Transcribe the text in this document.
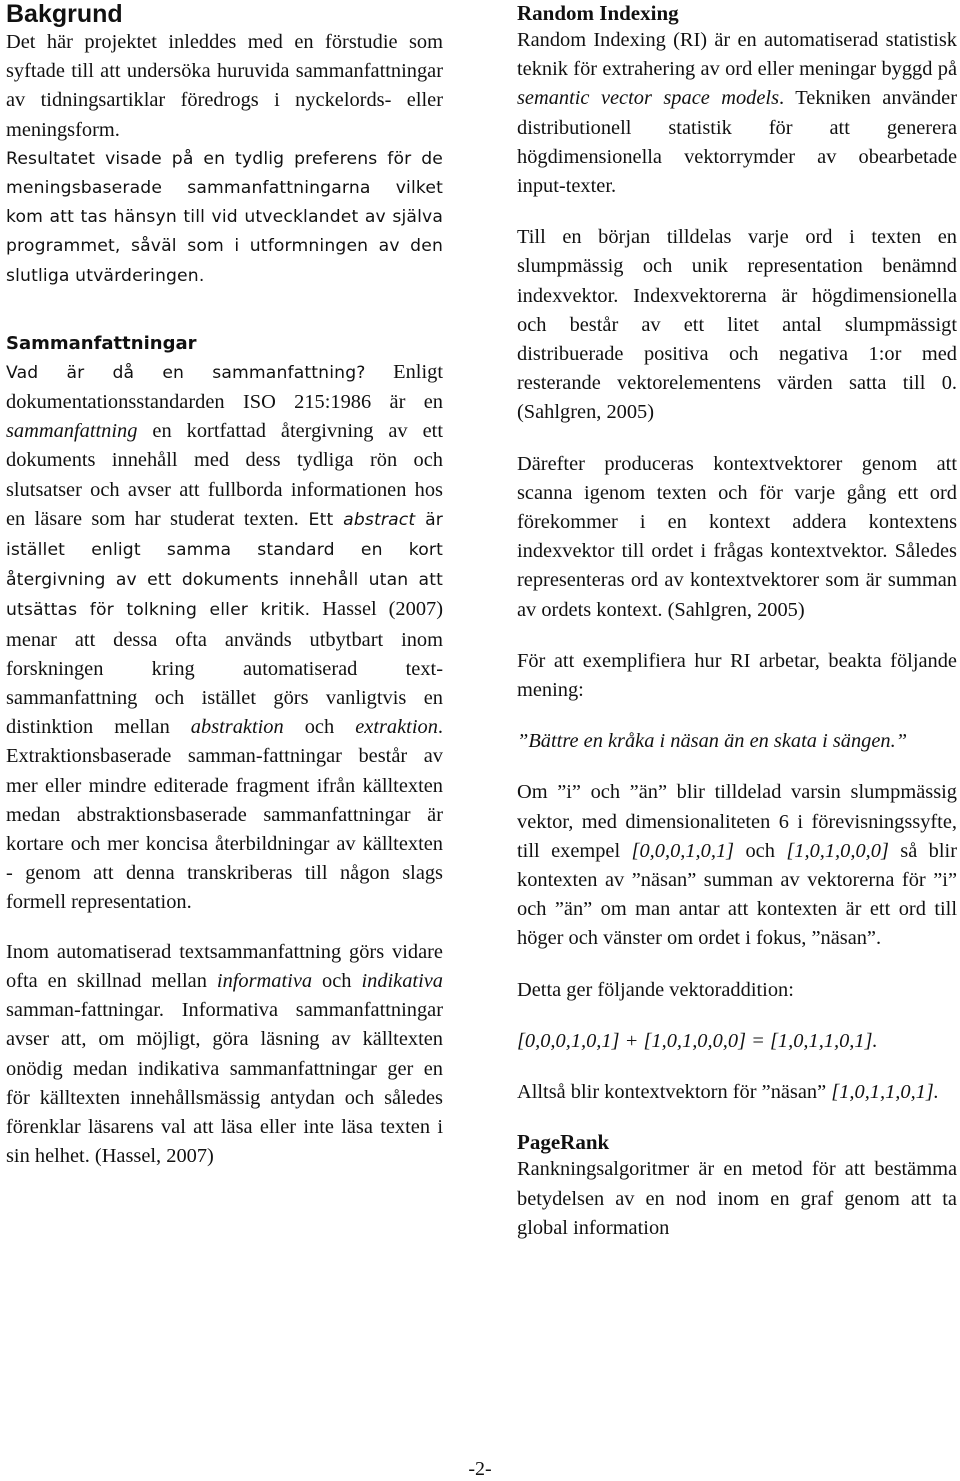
Bakgrund

Det här projektet inleddes med en förstudie som syftade till att undersöka huruvida sammanfattningar av tidningsartiklar föredrogs i nyckelords- eller meningsform.

Resultatet visade på en tydlig preferens för de meningsbaserade sammanfattningarna vilket kom att tas hänsyn till vid utvecklandet av själva programmet, såväl som i utformningen av den slutliga utvärderingen.

Sammanfattningar

Vad är då en sammanfattning? Enligt dokumentationsstandarden ISO 215:1986 är en sammanfattning en kortfattad återgivning av ett dokuments innehåll med dess tydliga rön och slutsatser och avser att fullborda informationen hos en läsare som har studerat texten. Ett abstract är istället enligt samma standard en kort återgivning av ett dokuments innehåll utan att utsättas för tolkning eller kritik. Hassel (2007) menar att dessa ofta används utbytbart inom forskningen kring automatiserad text-sammanfattning och istället görs vanligtvis en distinktion mellan abstraktion och extraktion. Extraktionsbaserade samman-fattningar består av mer eller mindre editerade fragment ifrån källtexten medan abstraktionsbaserade sammanfattningar är kortare och mer koncisa återbildningar av källtexten - genom att denna transkriberas till någon slags formell representation.

Inom automatiserad textsammanfattning görs vidare ofta en skillnad mellan informativa och indikativa samman-fattningar. Informativa sammanfattningar avser att, om möjligt, göra läsning av källtexten onödig medan indikativa sammanfattningar ger en för källtexten innehållsmässig antydan och således förenklar läsarens val att läsa eller inte läsa texten i sin helhet. (Hassel, 2007)

Random Indexing

Random Indexing (RI) är en automatiserad statistisk teknik för extrahering av ord eller meningar byggd på semantic vector space models. Tekniken använder distributionell statistik för att generera högdimensionella vektorrymder av obearbetade input-texter.

Till en början tilldelas varje ord i texten en slumpmässig och unik representation benämnd indexvektor. Indexvektorerna är högdimensionella och består av ett litet antal slumpmässigt distribuerade positiva och negativa 1:or med resterande vektorelementens värden satta till 0. (Sahlgren, 2005)

Därefter produceras kontextvektorer genom att scanna igenom texten och för varje gång ett ord förekommer i en kontext addera kontextens indexvektor till ordet i frågas kontextvektor. Således representeras ord av kontextvektorer som är summan av ordets kontext. (Sahlgren, 2005)

För att exemplifiera hur RI arbetar, beakta följande mening:

”Bättre en kråka i näsan än en skata i sängen.”

Om ”i” och ”än” blir tilldelad varsin slumpmässig vektor, med dimensionaliteten 6 i förevisningssyfte, till exempel [0,0,0,1,0,1] och [1,0,1,0,0,0] så blir kontexten av ”näsan” summan av vektorerna för ”i” och ”än” om man antar att kontexten är ett ord till höger och vänster om ordet i fokus, ”näsan”.

Detta ger följande vektoraddition:

[0,0,0,1,0,1] + [1,0,1,0,0,0] = [1,0,1,1,0,1].

Alltså blir kontextvektorn för ”näsan” [1,0,1,1,0,1].

PageRank

Rankningsalgoritmer är en metod för att bestämma betydelsen av en nod inom en graf genom att ta global information

-2-
